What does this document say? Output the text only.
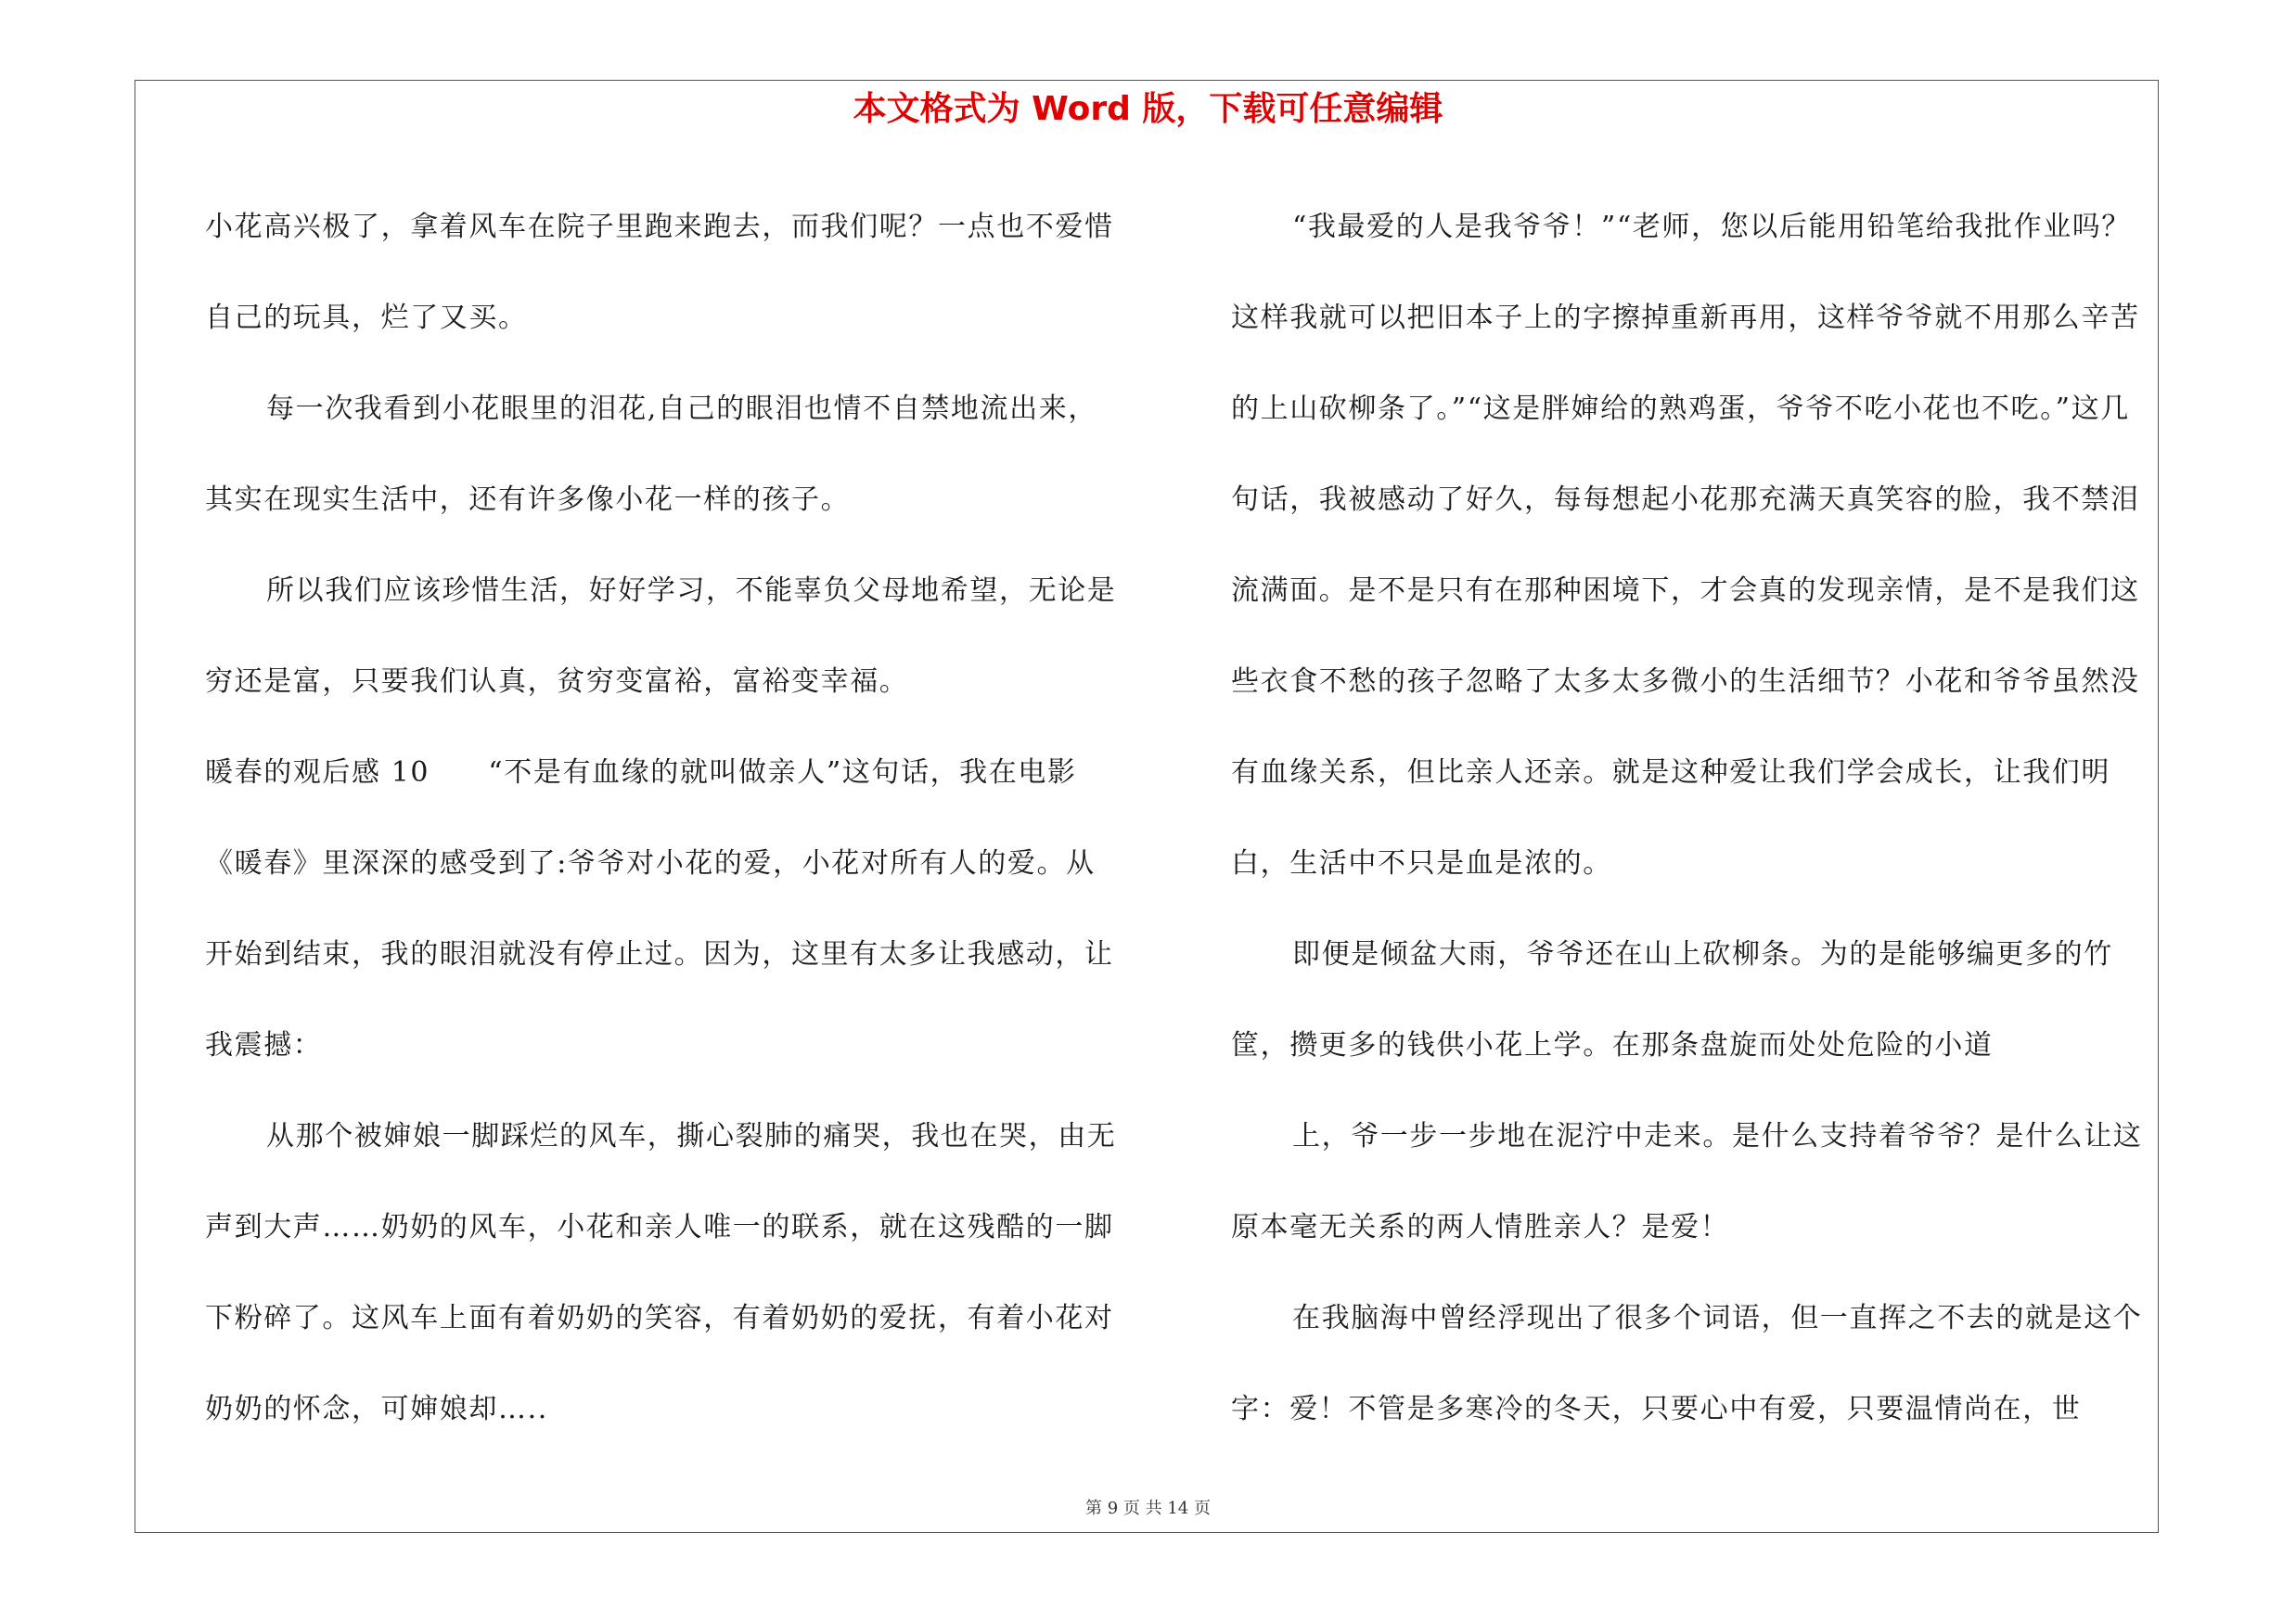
本文格式为 Word 版，下载可任意编辑

小花高兴极了，拿着风车在院子里跑来跑去，而我们呢？一点也不爱惜自己的玩具，烂了又买。

每一次我看到小花眼里的泪花,自己的眼泪也情不自禁地流出来，其实在现实生活中，还有许多像小花一样的孩子。

所以我们应该珍惜生活，好好学习，不能辜负父母地希望，无论是穷还是富，只要我们认真，贫穷变富裕，富裕变幸福。

暖春的观后感 10　　“不是有血缘的就叫做亲人”这句话，我在电影《暖春》里深深的感受到了:爷爷对小花的爱，小花对所有人的爱。从开始到结束，我的眼泪就没有停止过。因为，这里有太多让我感动，让我震撼：

从那个被婶娘一脚踩烂的风车，撕心裂肺的痛哭，我也在哭，由无声到大声……奶奶的风车，小花和亲人唯一的联系，就在这残酷的一脚下粉碎了。这风车上面有着奶奶的笑容，有着奶奶的爱抚，有着小花对奶奶的怀念，可婶娘却…..

“我最爱的人是我爷爷！”“老师，您以后能用铅笔给我批作业吗？这样我就可以把旧本子上的字擦掉重新再用，这样爷爷就不用那么辛苦的上山砍柳条了。”“这是胖婶给的熟鸡蛋，爷爷不吃小花也不吃。”这几句话，我被感动了好久，每每想起小花那充满天真笑容的脸，我不禁泪流满面。是不是只有在那种困境下，才会真的发现亲情，是不是我们这些衣食不愁的孩子忽略了太多太多微小的生活细节？小花和爷爷虽然没有血缘关系，但比亲人还亲。就是这种爱让我们学会成长，让我们明白，生活中不只是血是浓的。

即便是倾盆大雨，爷爷还在山上砍柳条。为的是能够编更多的竹筐，攒更多的钱供小花上学。在那条盘旋而处处危险的小道

上，爷一步一步地在泥泞中走来。是什么支持着爷爷？是什么让这原本毫无关系的两人情胜亲人？是爱！

在我脑海中曾经浮现出了很多个词语，但一直挥之不去的就是这个字：爱！不管是多寒冷的冬天，只要心中有爱，只要温情尚在，世

第 9 页 共 14 页
